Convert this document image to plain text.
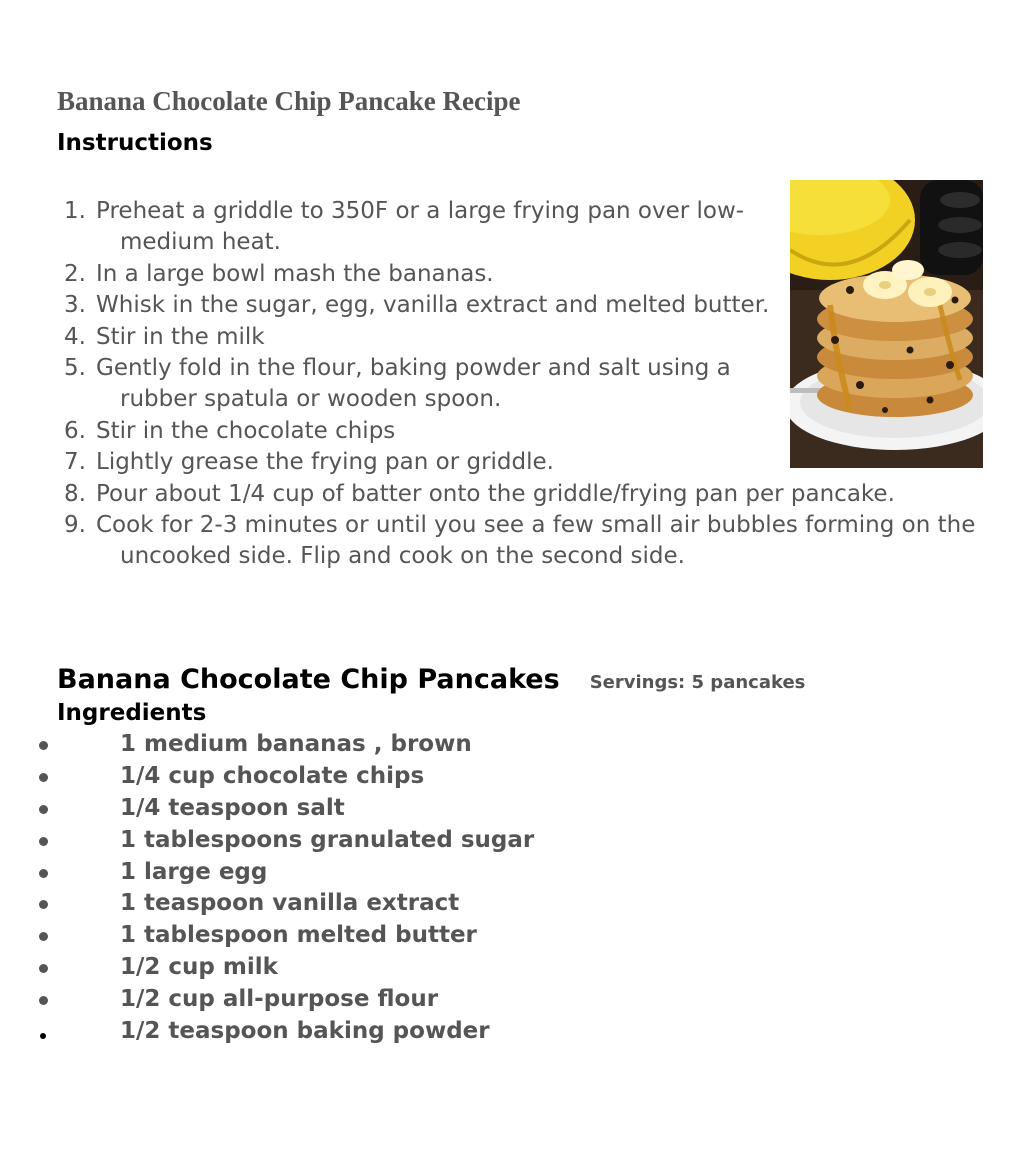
Banana Chocolate Chip Pancake Recipe
Instructions
1 . Preheat a griddle to 350F or a large frying pan over low-medium heat.
2 . In a large bowl mash the bananas.
3 . Whisk in the sugar, egg, vanilla extract and melted butter.
4 . Stir in the milk
5 . Gently fold in the flour, baking powder and salt using a rubber spatula or wooden spoon.
6 . Stir in the chocolate chips
7 . Lightly grease the frying pan or griddle.
8 . Pour about 1/4 cup of batter onto the griddle/frying pan per pancake.
9 . Cook for 2-3 minutes or until you see a few small air bubbles forming on the uncooked side. Flip and cook on the second side.
Banana Chocolate Chip Pancakes Servings: 5 pancakes
Ingredients
1 medium bananas , brown
1/4 cup chocolate chips
1/4 teaspoon salt
1 tablespoons granulated sugar
1 large egg
1 teaspoon vanilla extract
1 tablespoon melted butter
1/2 cup milk
1/2 cup all-purpose flour
1/2 teaspoon baking powder
